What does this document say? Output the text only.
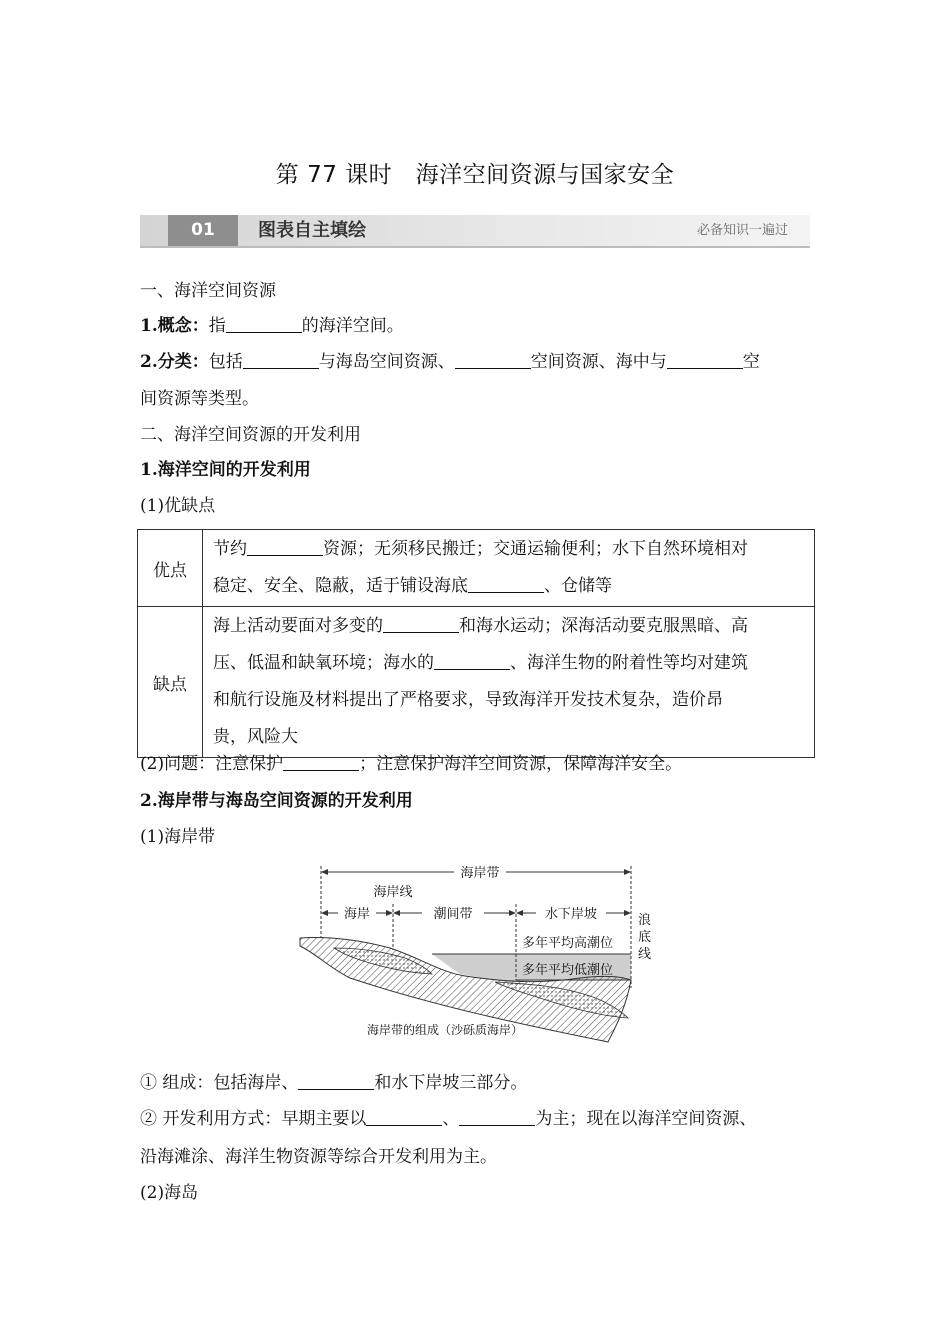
第 77 课时　海洋空间资源与国家安全
01	图表自主填绘	必备知识一遍过
一、海洋空间资源
1.概念：指	的海洋空间。
2.分类：包括	与海岛空间资源、	空间资源、海中与	空
间资源等类型。
二、海洋空间资源的开发利用
1.海洋空间的开发利用
(1)优缺点
优点	节约 资源；无须移民搬迁；交通运输便利；水下自然环境相对
稳定、安全、隐蔽，适于铺设海底 、仓储等

缺点	海上活动要面对多变的 和海水运动；深海活动要克服黑暗、高
压、低温和缺氧环境；海水的 、海洋生物的附着性等均对建筑
和航行设施及材料提出了严格要求，导致海洋开发技术复杂，造价昂
贵，风险大
(2)问题：注意保护	；注意保护海洋空间资源，保障海洋安全。
2.海岸带与海岛空间资源的开发利用
(1)海岸带
海岸带
海岸线
海岸	潮间带	水下岸坡
多年平均高潮位
多年平均低潮位
海岸带的组成（沙砾质海岸）
浪底线
① 组成：包括海岸、	和水下岸坡三部分。
② 开发利用方式：早期主要以	、	为主；现在以海洋空间资源、
沿海滩涂、海洋生物资源等综合开发利用为主。
(2)海岛
